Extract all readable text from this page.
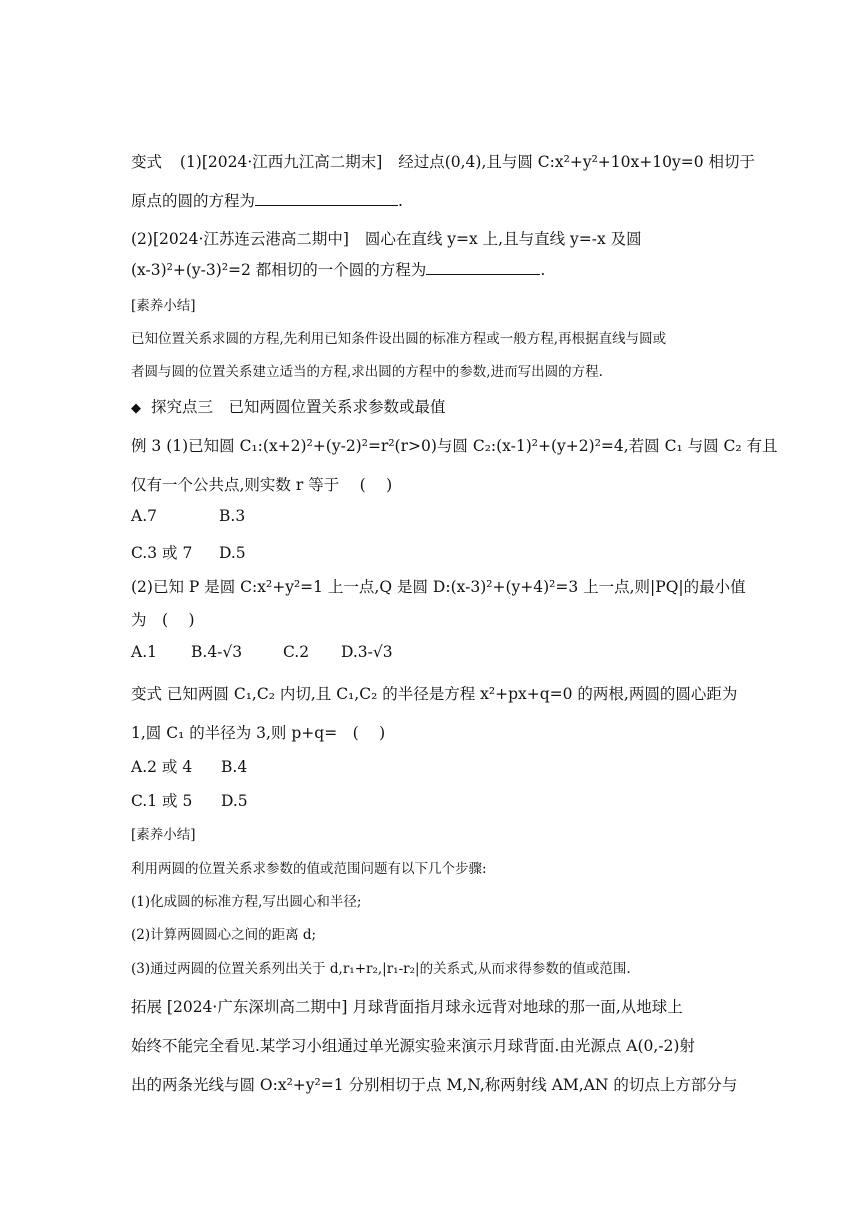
变式 (1)[2024·江西九江高二期末] 经过点(0,4),且与圆 C:x²+y²+10x+10y=0 相切于
原点的圆的方程为	.
(2)[2024·江苏连云港高二期中] 圆心在直线 y=x 上,且与直线 y=-x 及圆
(x-3)²+(y-3)²=2 都相切的一个圆的方程为	.
[素养小结]
已知位置关系求圆的方程,先利用已知条件设出圆的标准方程或一般方程,再根据直线与圆或
者圆与圆的位置关系建立适当的方程,求出圆的方程中的参数,进而写出圆的方程.
◆ 探究点三　已知两圆位置关系求参数或最值
例 3 (1)已知圆 C₁:(x+2)²+(y-2)²=r²(r>0)与圆 C₂:(x-1)²+(y+2)²=4,若圆 C₁ 与圆 C₂ 有且
仅有一个公共点,则实数 r 等于　 (　 )
A.7	B.3
C.3 或 7 D.5
(2)已知 P 是圆 C:x²+y²=1 上一点,Q 是圆 D:(x-3)²+(y+4)²=3 上一点,则|PQ|的最小值
为　(　 )
A.1 B.4-√3	C.2 D.3-√3
变式 已知两圆 C₁,C₂ 内切,且 C₁,C₂ 的半径是方程 x²+px+q=0 的两根,两圆的圆心距为
1,圆 C₁ 的半径为 3,则 p+q=　(　 )
A.2 或 4 B.4
C.1 或 5 D.5
[素养小结]
利用两圆的位置关系求参数的值或范围问题有以下几个步骤:
(1)化成圆的标准方程,写出圆心和半径;
(2)计算两圆圆心之间的距离 d;
(3)通过两圆的位置关系列出关于 d,r₁+r₂,|r₁-r₂|的关系式,从而求得参数的值或范围.
拓展 [2024·广东深圳高二期中] 月球背面指月球永远背对地球的那一面,从地球上
始终不能完全看见.某学习小组通过单光源实验来演示月球背面.由光源点 A(0,-2)射
出的两条光线与圆 O:x²+y²=1 分别相切于点 M,N,称两射线 AM,AN 的切点上方部分与
